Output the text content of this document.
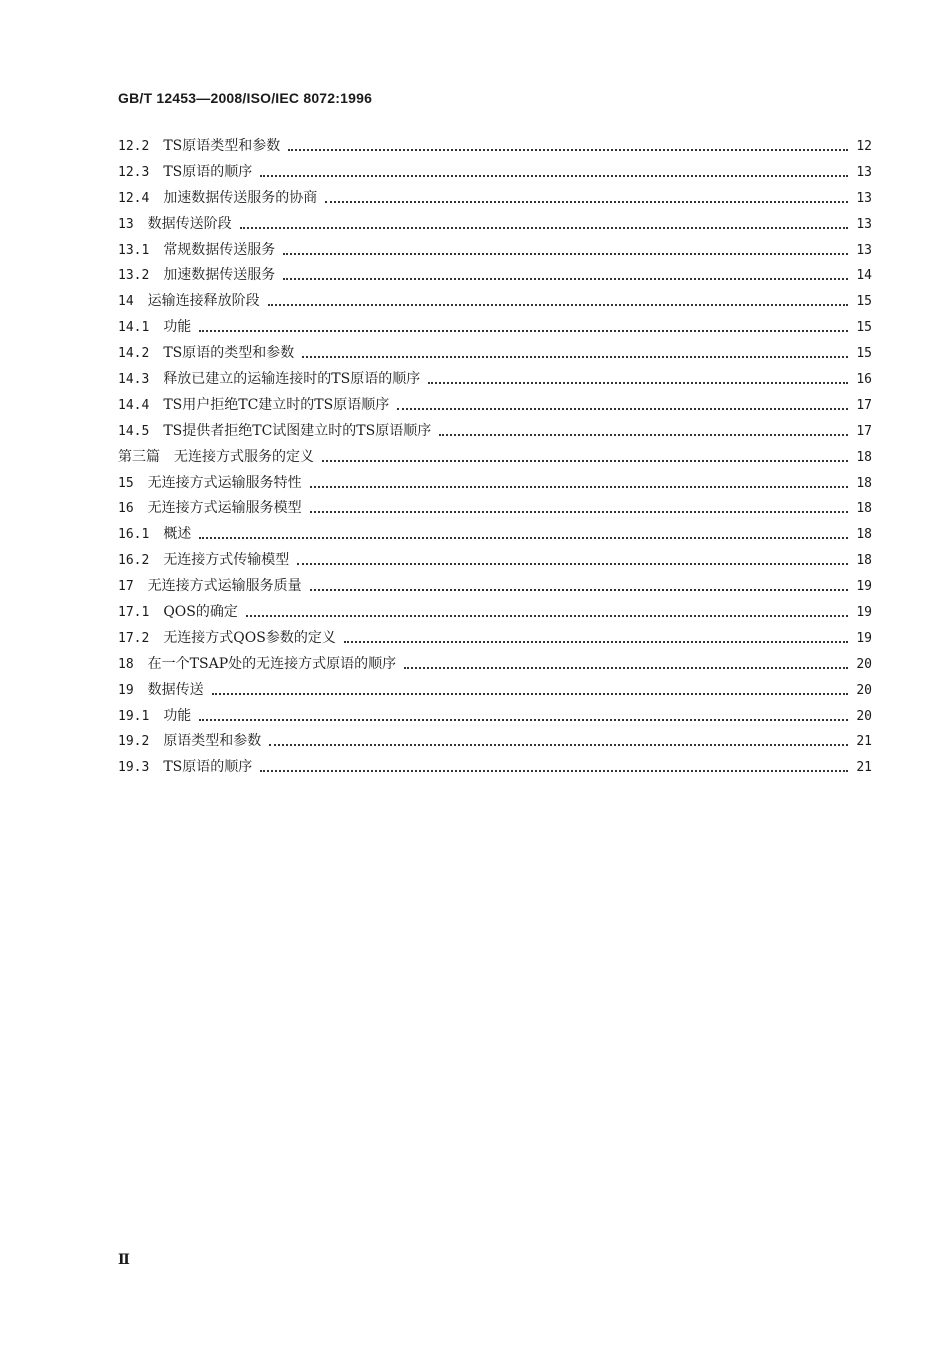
GB/T 12453—2008/ISO/IEC 8072:1996
12.2 TS原语类型和参数	12
12.3 TS原语的顺序	13
12.4 加速数据传送服务的协商	13
13 数据传送阶段	13
13.1 常规数据传送服务	13
13.2 加速数据传送服务	14
14 运输连接释放阶段	15
14.1 功能	15
14.2 TS原语的类型和参数	15
14.3 释放已建立的运输连接时的TS原语的顺序	16
14.4 TS用户拒绝TC建立时的TS原语顺序	17
14.5 TS提供者拒绝TC试图建立时的TS原语顺序	17
第三篇　无连接方式服务的定义	18
15 无连接方式运输服务特性	18
16 无连接方式运输服务模型	18
16.1 概述	18
16.2 无连接方式传输模型	18
17 无连接方式运输服务质量	19
17.1 QOS的确定	19
17.2 无连接方式QOS参数的定义	19
18 在一个TSAP处的无连接方式原语的顺序	20
19 数据传送	20
19.1 功能	20
19.2 原语类型和参数	21
19.3 TS原语的顺序	21
Ⅱ
